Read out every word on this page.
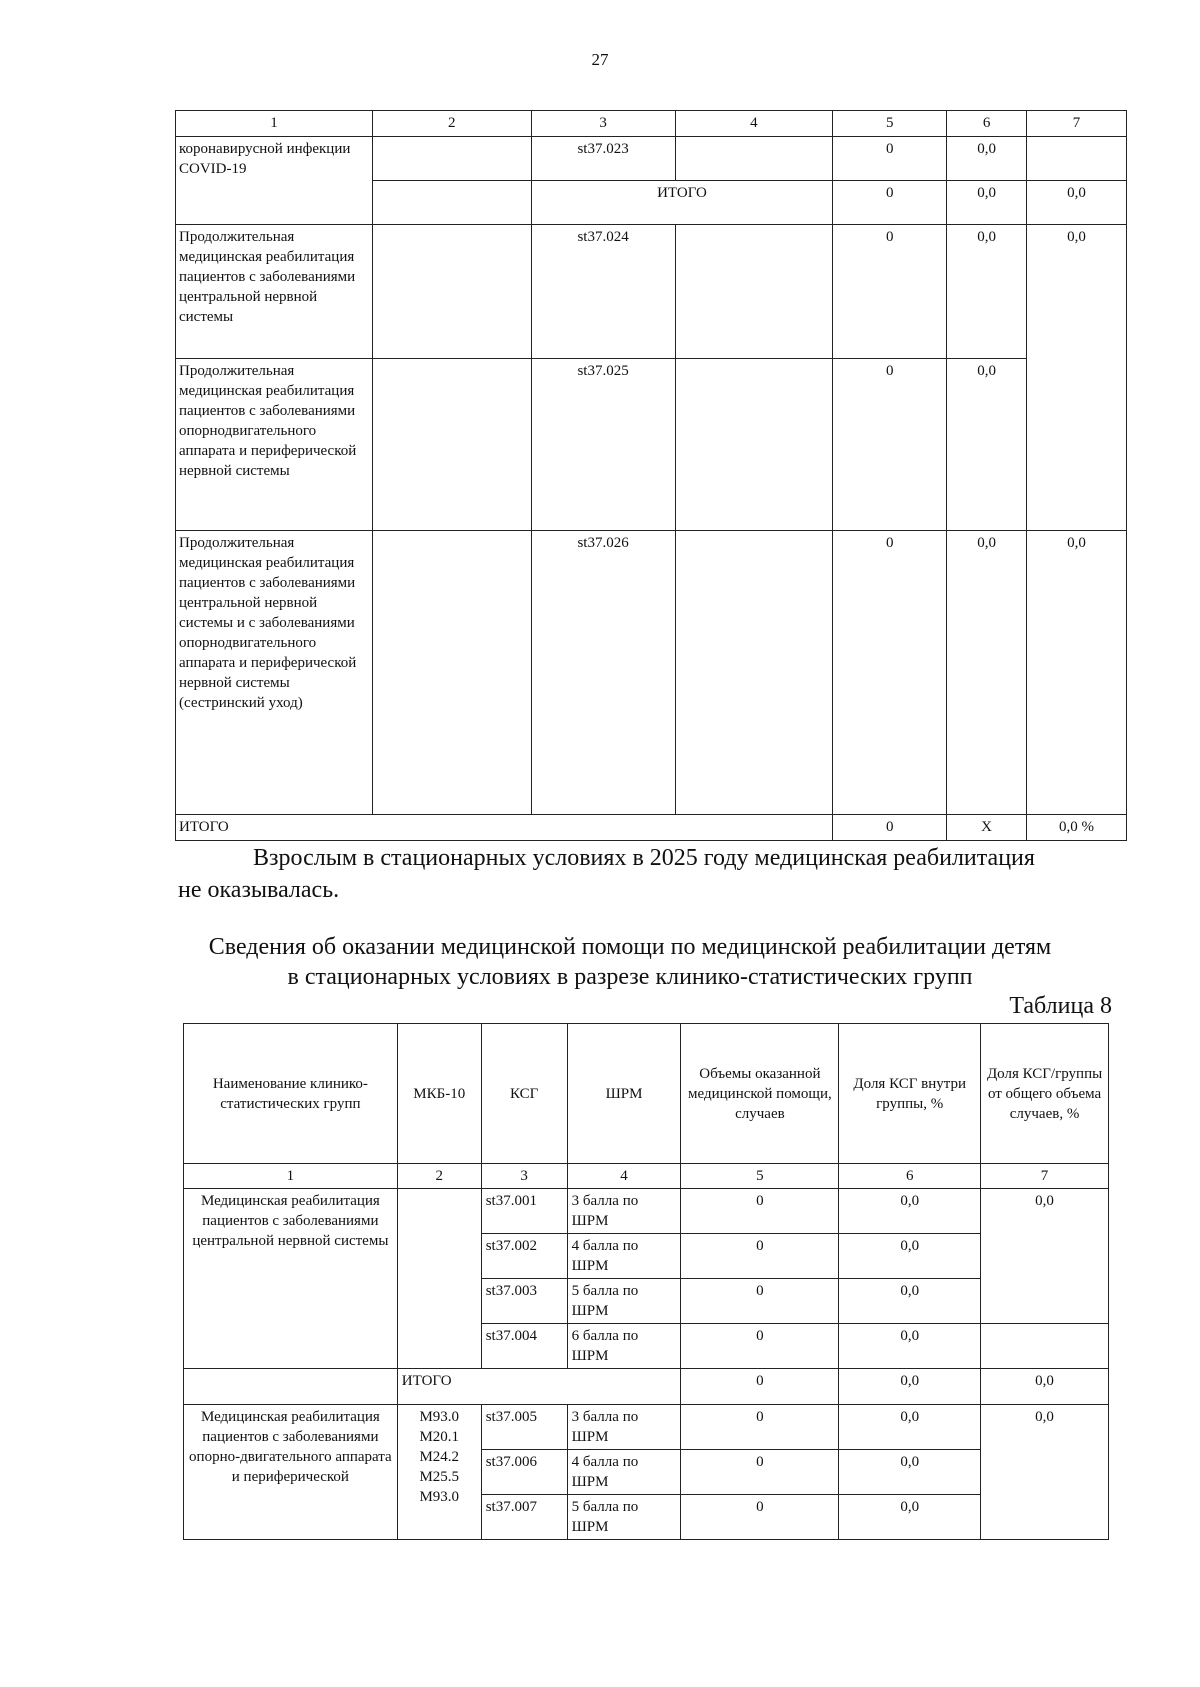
27
1	2	3	4	5	6	7
коронавирусной инфекции COVID-19		st37.023		0	0,0	
		ИТОГО		0	0,0	0,0
Продолжительная медицинская реабилитация пациентов с заболеваниями центральной нервной системы		st37.024		0	0,0	0,0
Продолжительная медицинская реабилитация пациентов с заболеваниями опорнодвигательного аппарата и периферической нервной системы		st37.025		0	0,0	
Продолжительная медицинская реабилитация пациентов с заболеваниями центральной нервной системы и с заболеваниями опорнодвигательного аппарата и периферической нервной системы (сестринский уход)		st37.026		0	0,0	0,0
ИТОГО				0	Х	0,0 %
Взрослым в стационарных условиях в 2025 году медицинская реабилитация
не оказывалась.
Сведения об оказании медицинской помощи по медицинской реабилитации детям
в стационарных условиях в разрезе клинико-статистических групп
Таблица 8
Наименование клинико-статистических групп	МКБ-10	КСГ	ШРМ	Объемы оказанной медицинской помощи, случаев	Доля КСГ внутри группы, %	Доля КСГ/группы от общего объема случаев, %
1	2	3	4	5	6	7
Медицинская реабилитация пациентов с заболеваниями центральной нервной системы		st37.001	3 балла по ШРМ	0	0,0	0,0
		st37.002	4 балла по ШРМ	0	0,0	
		st37.003	5 балла по ШРМ	0	0,0	
		st37.004	6 балла по ШРМ	0	0,0	
	ИТОГО			0	0,0	0,0
Медицинская реабилитация пациентов с заболеваниями опорно-двигательного аппарата и периферической	M93.0 M20.1 M24.2 M25.5 M93.0	st37.005	3 балла по ШРМ	0	0,0	0,0
		st37.006	4 балла по ШРМ	0	0,0	
		st37.007	5 балла по ШРМ	0	0,0	
